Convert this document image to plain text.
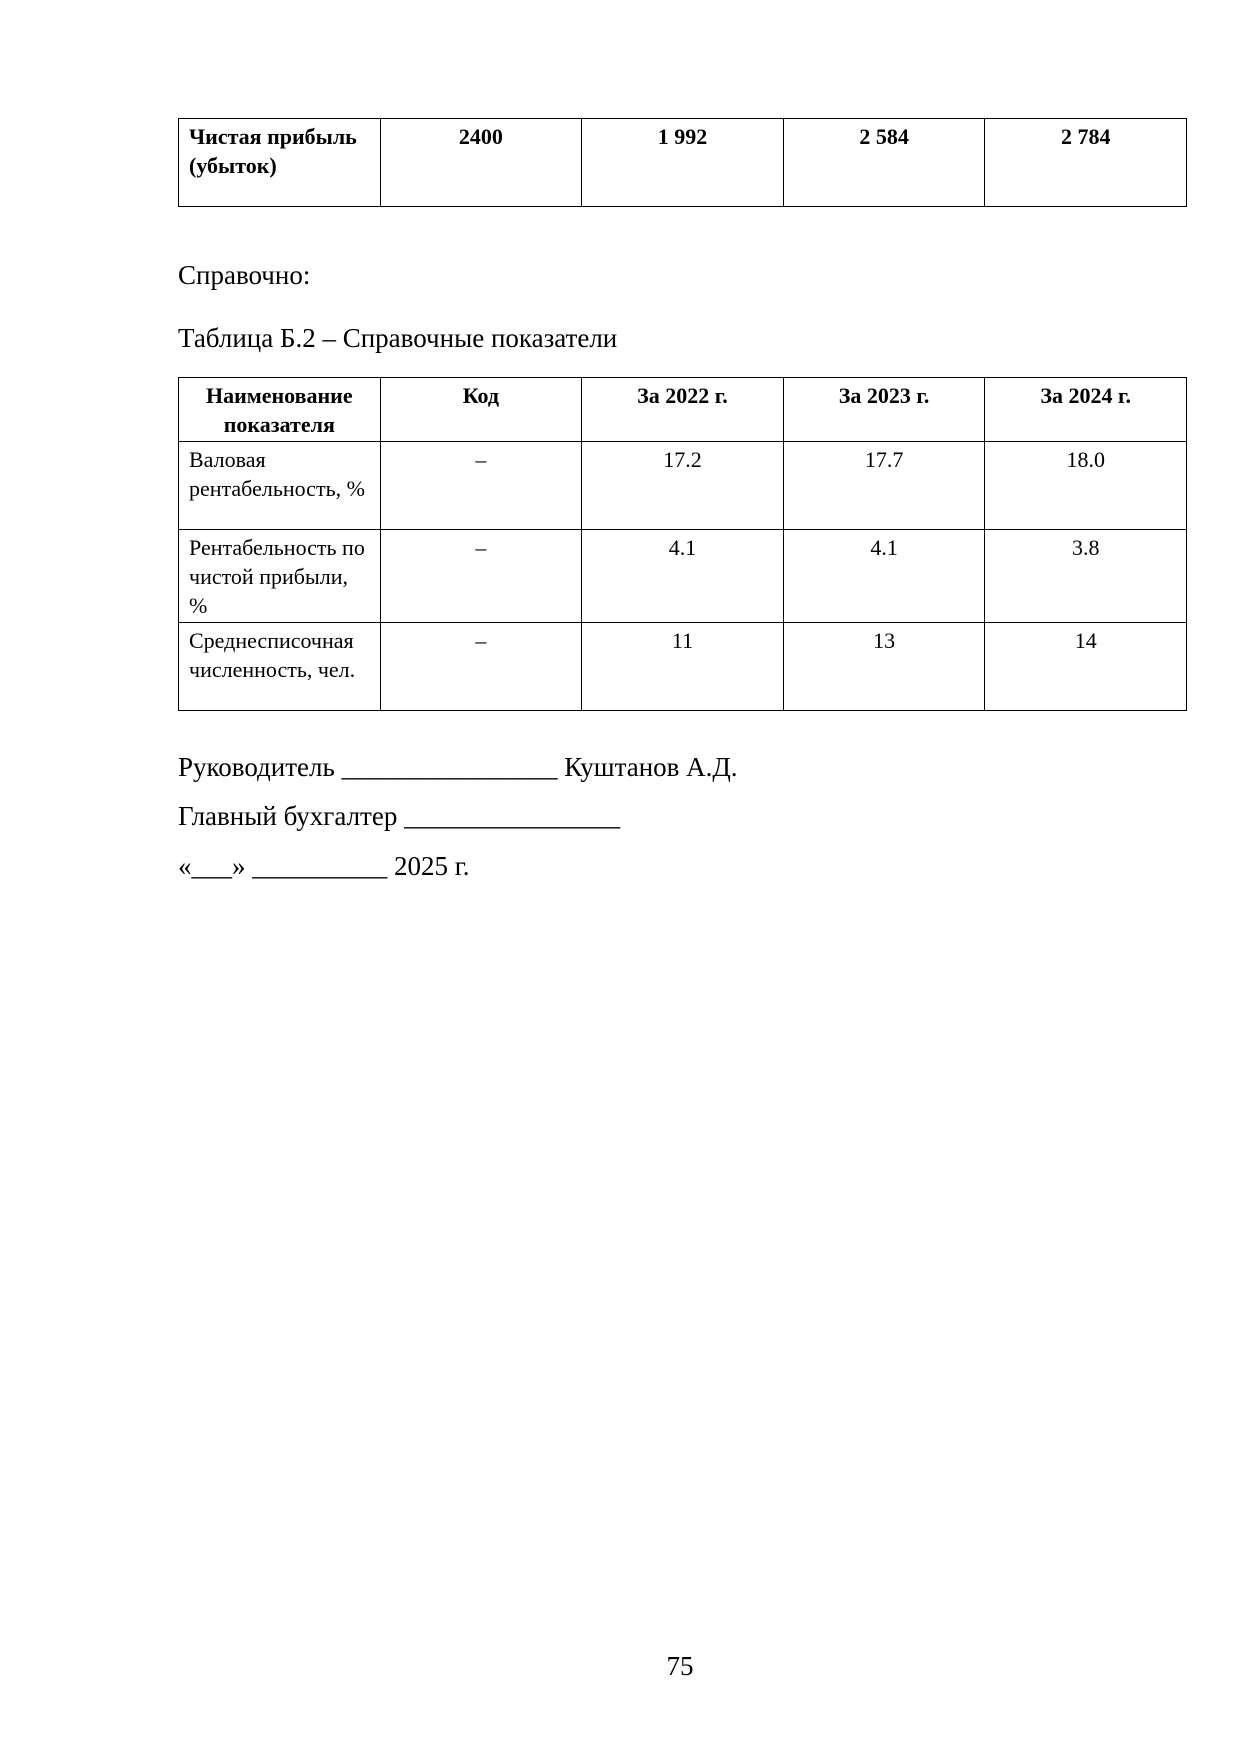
Чистая прибыль (убыток)	2400	1 992	2 584	2 784
Справочно:
Таблица Б.2 – Справочные показатели
Наименование показателя	Код	За 2022 г.	За 2023 г.	За 2024 г.
Валовая рентабельность, %	–	17.2	17.7	18.0
Рентабельность по чистой прибыли, %	–	4.1	4.1	3.8
Среднесписочная численность, чел.	–	11	13	14
Руководитель ________________ Куштанов А.Д.
Главный бухгалтер ________________
«___» __________ 2025 г.
75
